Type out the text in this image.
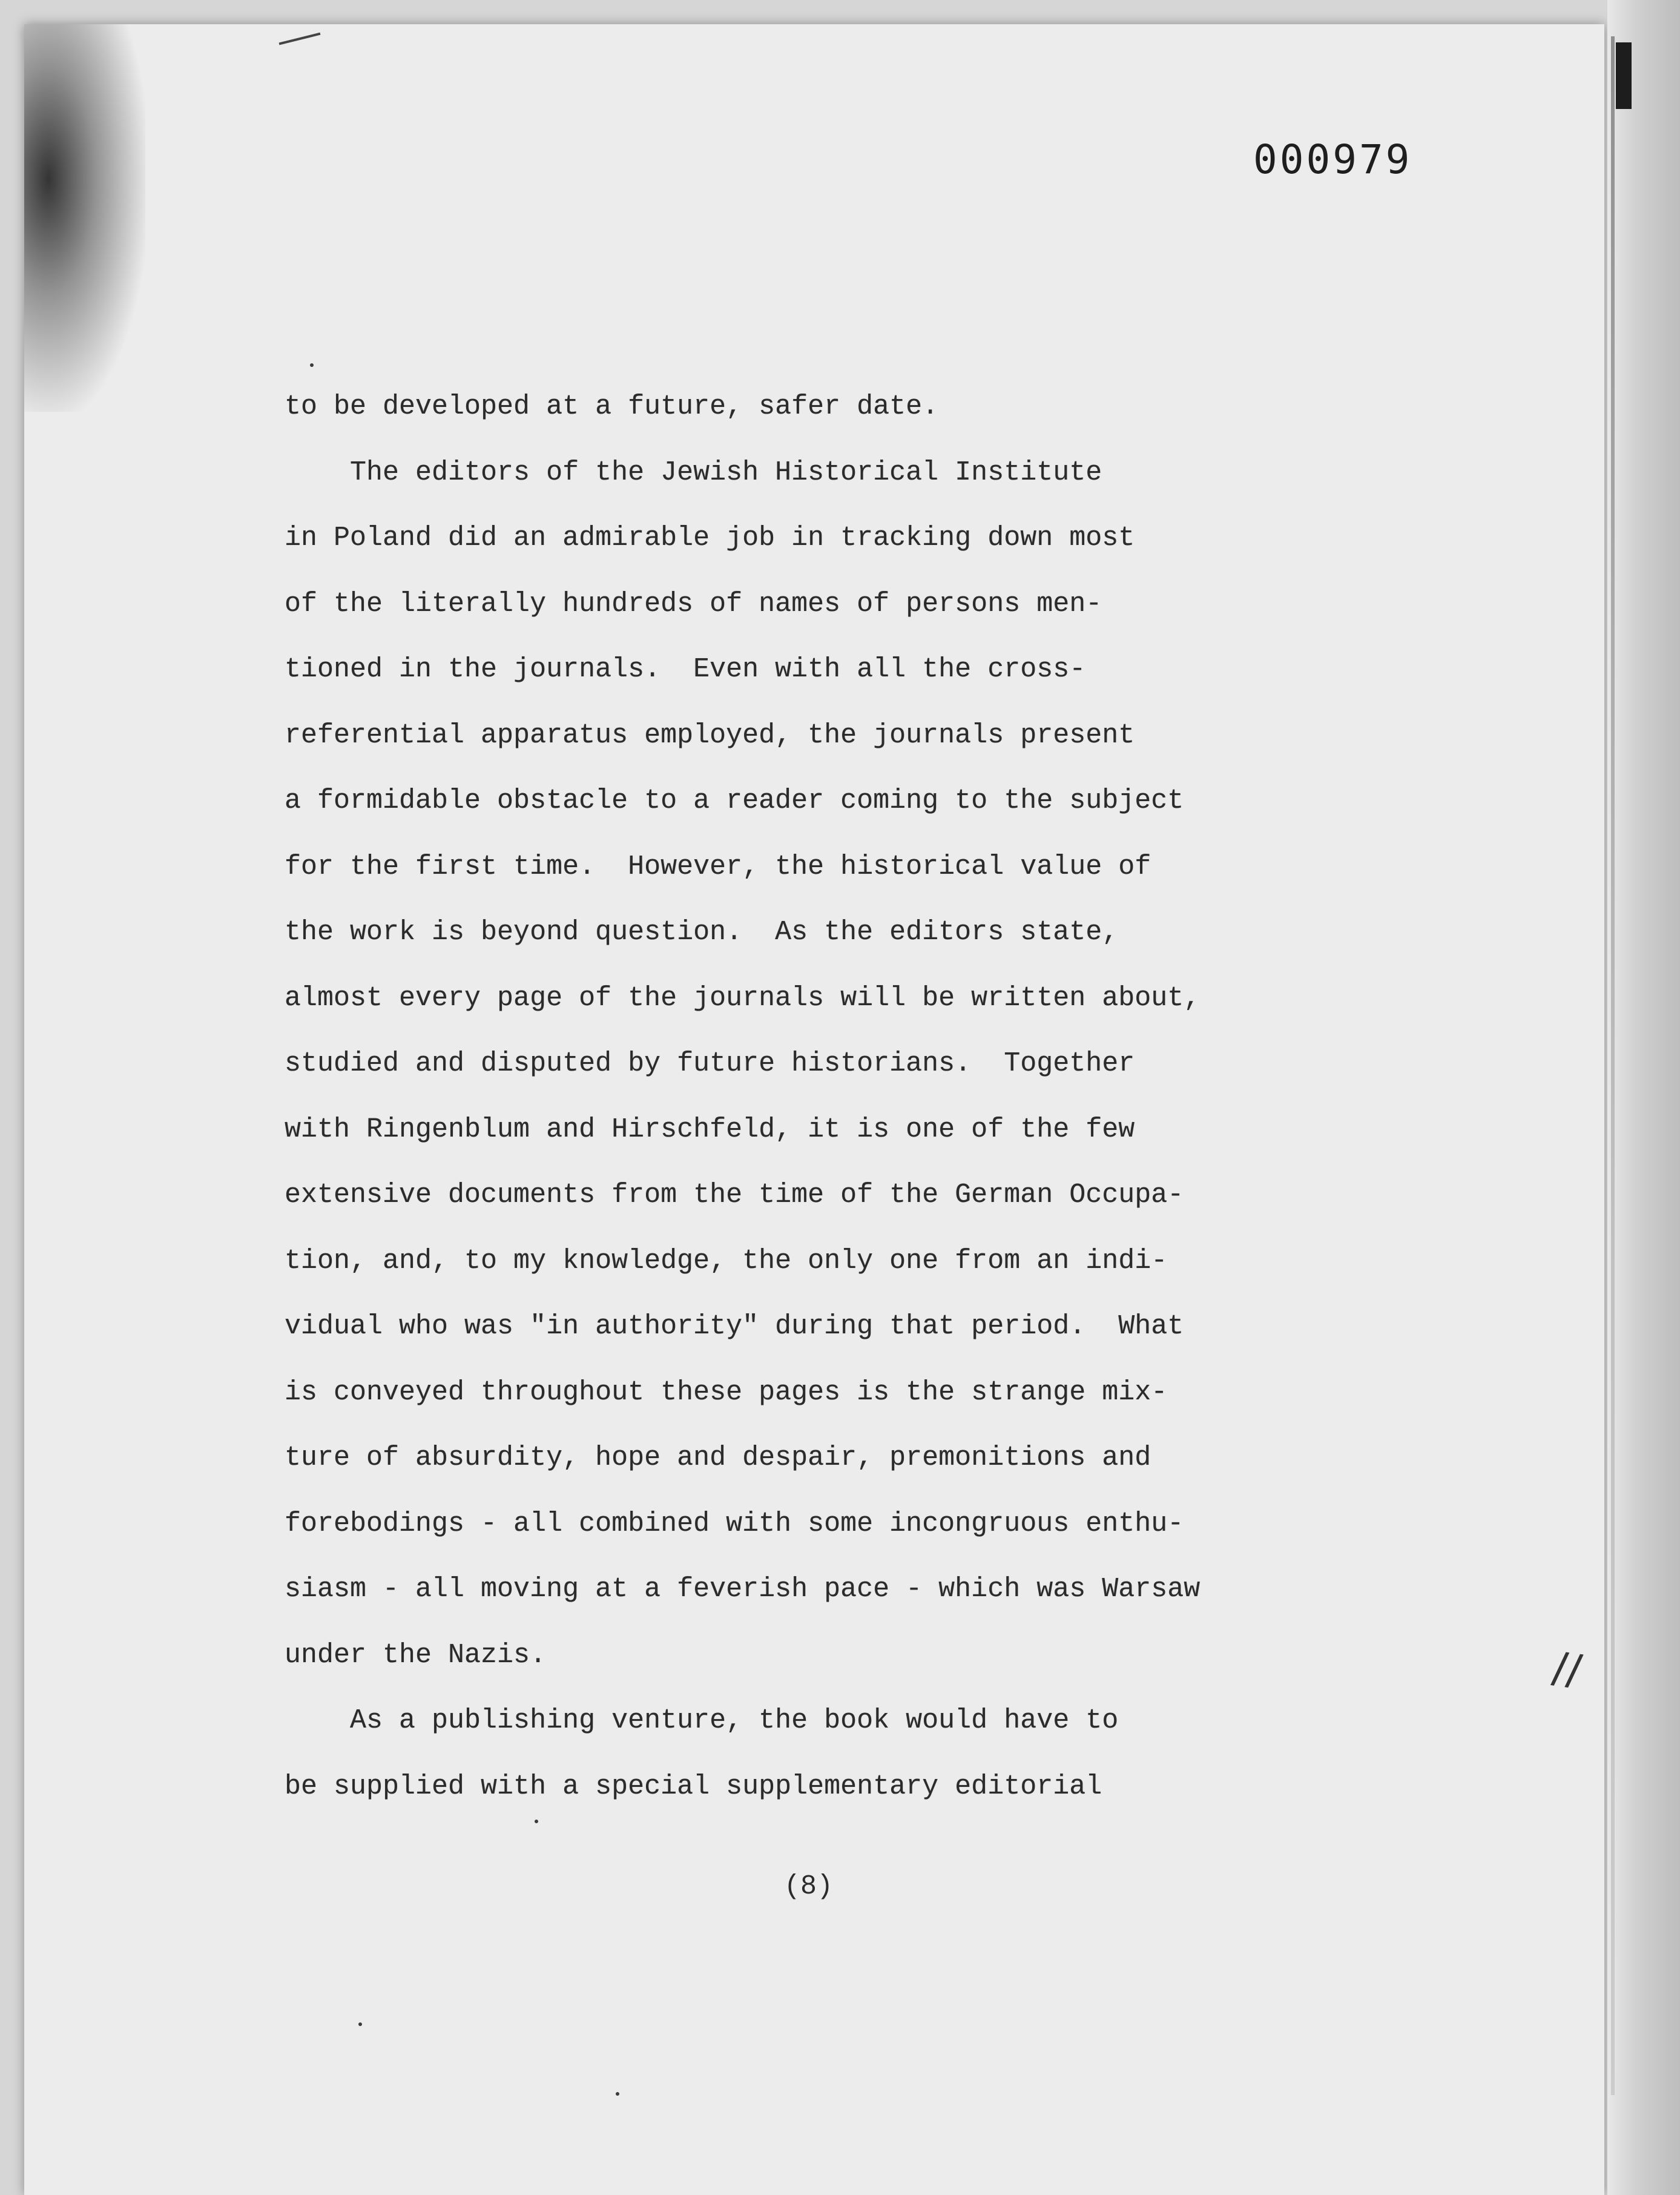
000979
to be developed at a future, safer date.
The editors of the Jewish Historical Institute
in Poland did an admirable job in tracking down most
of the literally hundreds of names of persons men-
tioned in the journals.  Even with all the cross-
referential apparatus employed, the journals present
a formidable obstacle to a reader coming to the subject
for the first time.  However, the historical value of
the work is beyond question.  As the editors state,
almost every page of the journals will be written about,
studied and disputed by future historians.  Together
with Ringenblum and Hirschfeld, it is one of the few
extensive documents from the time of the German Occupa-
tion, and, to my knowledge, the only one from an indi-
vidual who was "in authority" during that period.  What
is conveyed throughout these pages is the strange mix-
ture of absurdity, hope and despair, premonitions and
forebodings - all combined with some incongruous enthu-
siasm - all moving at a feverish pace - which was Warsaw
under the Nazis.
As a publishing venture, the book would have to
be supplied with a special supplementary editorial
(8)
//
